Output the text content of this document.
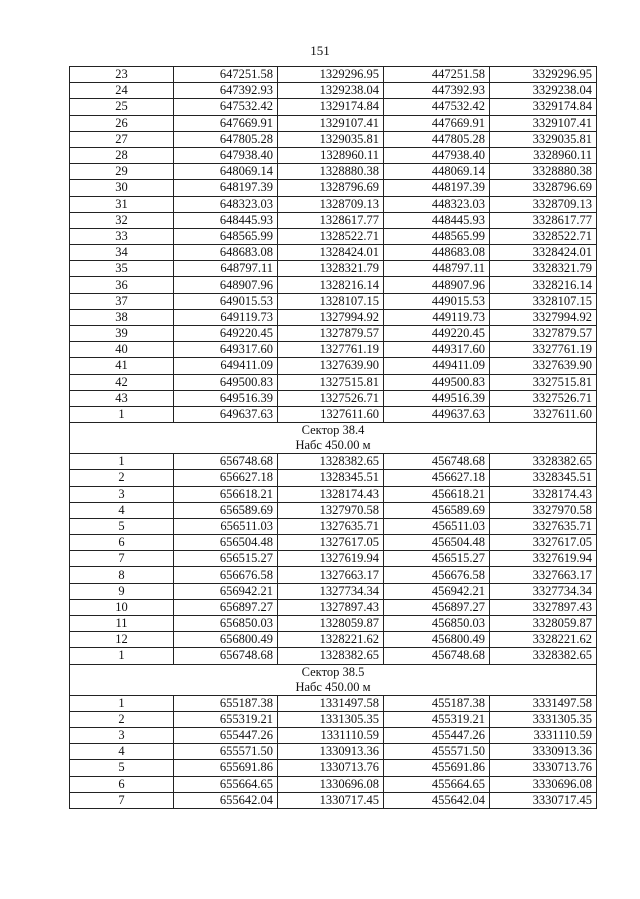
151
23	647251.58	1329296.95	447251.58	3329296.95
24	647392.93	1329238.04	447392.93	3329238.04
25	647532.42	1329174.84	447532.42	3329174.84
26	647669.91	1329107.41	447669.91	3329107.41
27	647805.28	1329035.81	447805.28	3329035.81
28	647938.40	1328960.11	447938.40	3328960.11
29	648069.14	1328880.38	448069.14	3328880.38
30	648197.39	1328796.69	448197.39	3328796.69
31	648323.03	1328709.13	448323.03	3328709.13
32	648445.93	1328617.77	448445.93	3328617.77
33	648565.99	1328522.71	448565.99	3328522.71
34	648683.08	1328424.01	448683.08	3328424.01
35	648797.11	1328321.79	448797.11	3328321.79
36	648907.96	1328216.14	448907.96	3328216.14
37	649015.53	1328107.15	449015.53	3328107.15
38	649119.73	1327994.92	449119.73	3327994.92
39	649220.45	1327879.57	449220.45	3327879.57
40	649317.60	1327761.19	449317.60	3327761.19
41	649411.09	1327639.90	449411.09	3327639.90
42	649500.83	1327515.81	449500.83	3327515.81
43	649516.39	1327526.71	449516.39	3327526.71
1	649637.63	1327611.60	449637.63	3327611.60

Сектор 38.4
Набс 450.00 м				

1	656748.68	1328382.65	456748.68	3328382.65
2	656627.18	1328345.51	456627.18	3328345.51
3	656618.21	1328174.43	456618.21	3328174.43
4	656589.69	1327970.58	456589.69	3327970.58
5	656511.03	1327635.71	456511.03	3327635.71
6	656504.48	1327617.05	456504.48	3327617.05
7	656515.27	1327619.94	456515.27	3327619.94
8	656676.58	1327663.17	456676.58	3327663.17
9	656942.21	1327734.34	456942.21	3327734.34
10	656897.27	1327897.43	456897.27	3327897.43
11	656850.03	1328059.87	456850.03	3328059.87
12	656800.49	1328221.62	456800.49	3328221.62
1	656748.68	1328382.65	456748.68	3328382.65

Сектор 38.5
Набс 450.00 м				

1	655187.38	1331497.58	455187.38	3331497.58
2	655319.21	1331305.35	455319.21	3331305.35
3	655447.26	1331110.59	455447.26	3331110.59
4	655571.50	1330913.36	455571.50	3330913.36
5	655691.86	1330713.76	455691.86	3330713.76
6	655664.65	1330696.08	455664.65	3330696.08
7	655642.04	1330717.45	455642.04	3330717.45
